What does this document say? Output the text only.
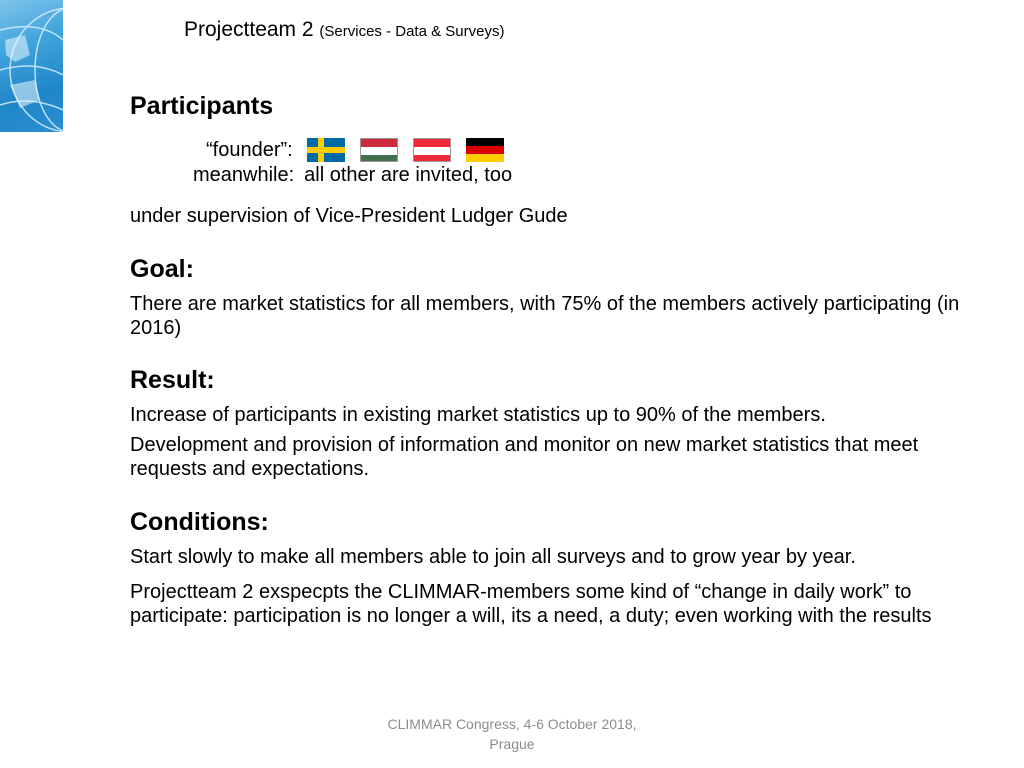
Projectteam 2 (Services - Data & Surveys)
Participants
“founder”:
meanwhile: all other are invited, too
under supervision of Vice-President Ludger Gude
Goal:
There are market statistics for all members, with 75% of the members actively participating (in 2016)
Result:
Increase of participants in existing market statistics up to 90% of the members.
Development and provision of information and monitor on new market statistics that meet requests and expectations.
Conditions:
Start slowly to make all members able to join all surveys and to grow year by year.
Projectteam 2 exspecpts the CLIMMAR-members some kind of “change in daily work” to participate: participation is no longer a will, its a need, a duty; even working with the results
CLIMMAR Congress, 4-6 October 2018,
Prague
